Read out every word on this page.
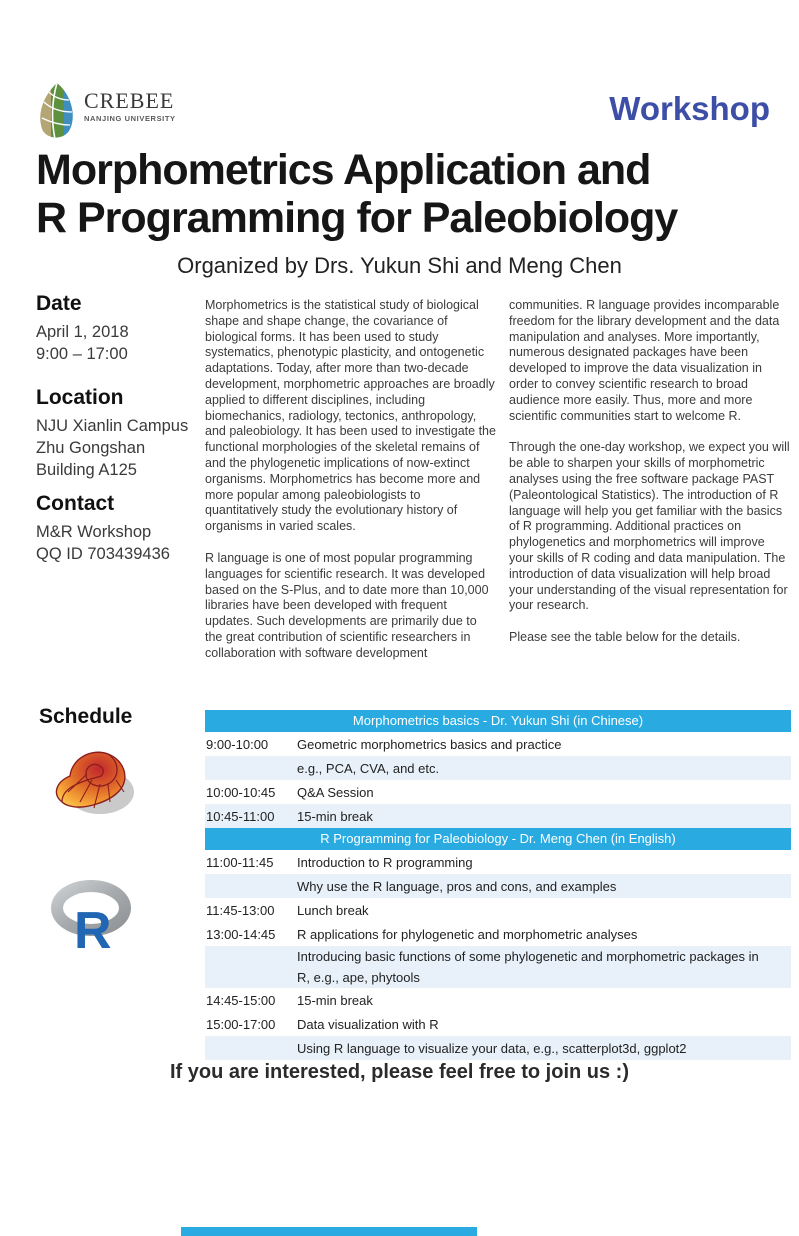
CREBEE
NANJING UNIVERSITY	Workshop
Morphometrics Application and
R Programming for Paleobiology
Organized by Drs. Yukun Shi and Meng Chen
Date
April 1, 2018
9:00 – 17:00
Location
NJU Xianlin Campus
Zhu Gongshan
Building A125
Contact
M&R Workshop
QQ ID 703439436

Morphometrics is the statistical study of biological shape and shape change, the covariance of biological forms. It has been used to study systematics, phenotypic plasticity, and ontogenetic adaptations. Today, after more than two-decade development, morphometric approaches are broadly applied to different disciplines, including biomechanics, radiology, tectonics, anthropology, and paleobiology. It has been used to investigate the functional morphologies of the skeletal remains of and the phylogenetic implications of now-extinct organisms. Morphometrics has become more and more popular among paleobiologists to quantitatively study the evolutionary history of organisms in varied scales.

R language is one of most popular programming languages for scientific research. It was developed based on the S-Plus, and to date more than 10,000 libraries have been developed with frequent updates. Such developments are primarily due to the great contribution of scientific researchers in collaboration with software development

communities. R language provides incomparable freedom for the library development and the data manipulation and analyses. More importantly, numerous designated packages have been developed to improve the data visualization in order to convey scientific research to broad audience more easily. Thus, more and more scientific communities start to welcome R.

Through the one-day workshop, we expect you will be able to sharpen your skills of morphometric analyses using the free software package PAST (Paleontological Statistics). The introduction of R language will help you get familiar with the basics of R programming. Additional practices on phylogenetics and morphometrics will improve your skills of R coding and data manipulation. The introduction of data visualization will help broad your understanding of the visual representation for your research.

Please see the table below for the details.

Schedule
R
Morphometrics basics - Dr. Yukun Shi (in Chinese)
9:00-10:00	Geometric morphometrics basics and practice
e.g., PCA, CVA, and etc.
10:00-10:45	Q&A Session
10:45-11:00	15-min break
R Programming for Paleobiology - Dr. Meng Chen (in English)
11:00-11:45	Introduction to R programming
Why use the R language, pros and cons, and examples
11:45-13:00	Lunch break
13:00-14:45	R applications for phylogenetic and morphometric analyses
Introducing basic functions of some phylogenetic and morphometric packages in
R, e.g., ape, phytools
14:45-15:00	15-min break
15:00-17:00	Data visualization with R
Using R language to visualize your data, e.g., scatterplot3d, ggplot2
If you are interested, please feel free to join us :)
